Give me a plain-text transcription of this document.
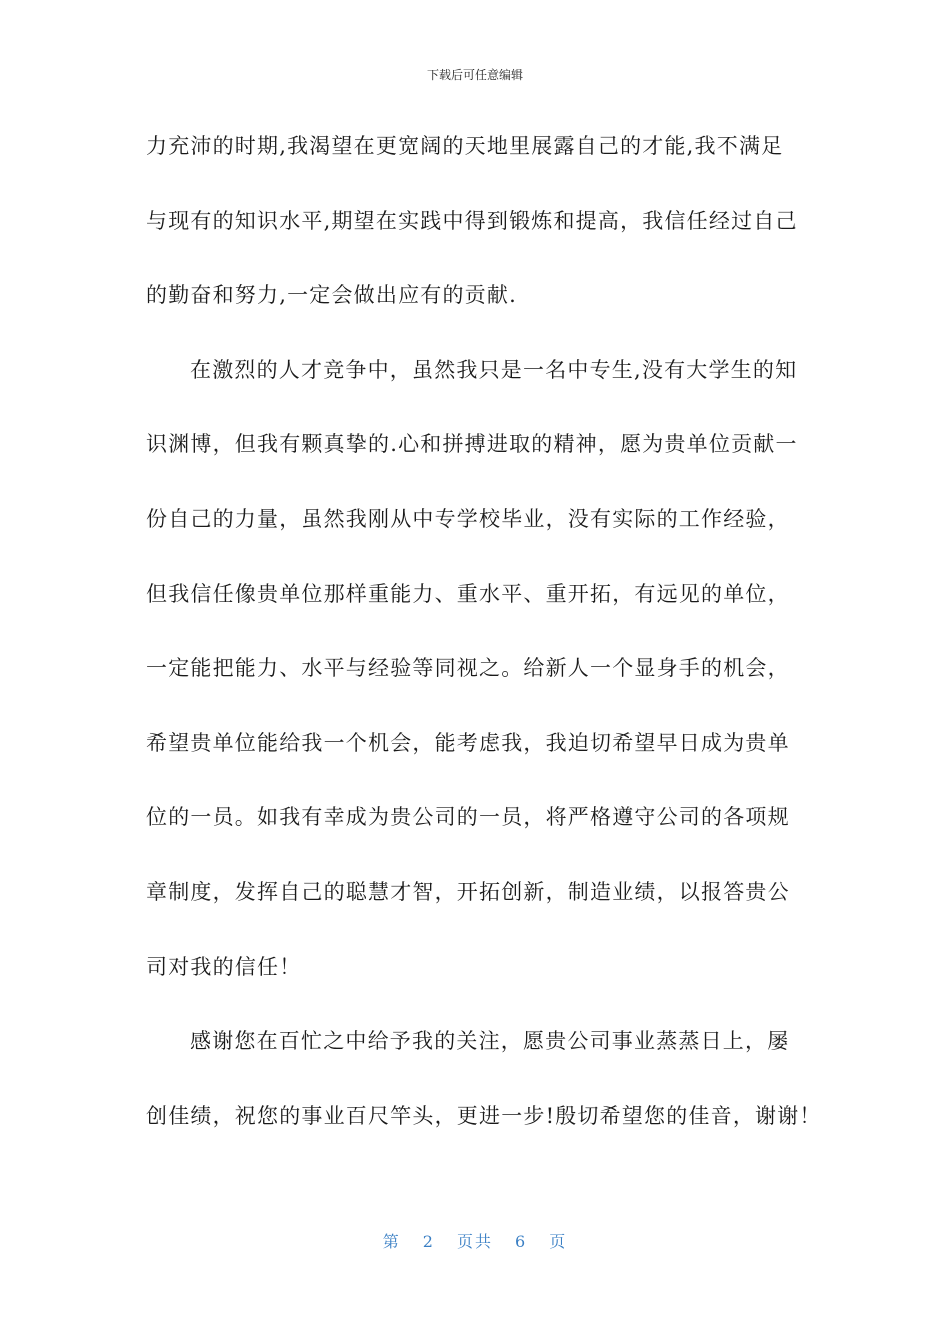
下载后可任意编辑
力充沛的时期,我渴望在更宽阔的天地里展露自己的才能,我不满足
与现有的知识水平,期望在实践中得到锻炼和提高，我信任经过自己
的勤奋和努力,一定会做出应有的贡献.
在激烈的人才竞争中，虽然我只是一名中专生,没有大学生的知
识渊博，但我有颗真挚的.心和拼搏进取的精神，愿为贵单位贡献一
份自己的力量，虽然我刚从中专学校毕业，没有实际的工作经验，
但我信任像贵单位那样重能力、重水平、重开拓，有远见的单位，
一定能把能力、水平与经验等同视之。给新人一个显身手的机会，
希望贵单位能给我一个机会，能考虑我，我迫切希望早日成为贵单
位的一员。如我有幸成为贵公司的一员，将严格遵守公司的各项规
章制度，发挥自己的聪慧才智，开拓创新，制造业绩，以报答贵公
司对我的信任！
感谢您在百忙之中给予我的关注，愿贵公司事业蒸蒸日上，屡
创佳绩，祝您的事业百尺竿头，更进一步!殷切希望您的佳音，谢谢！
第 2 页共 6 页
